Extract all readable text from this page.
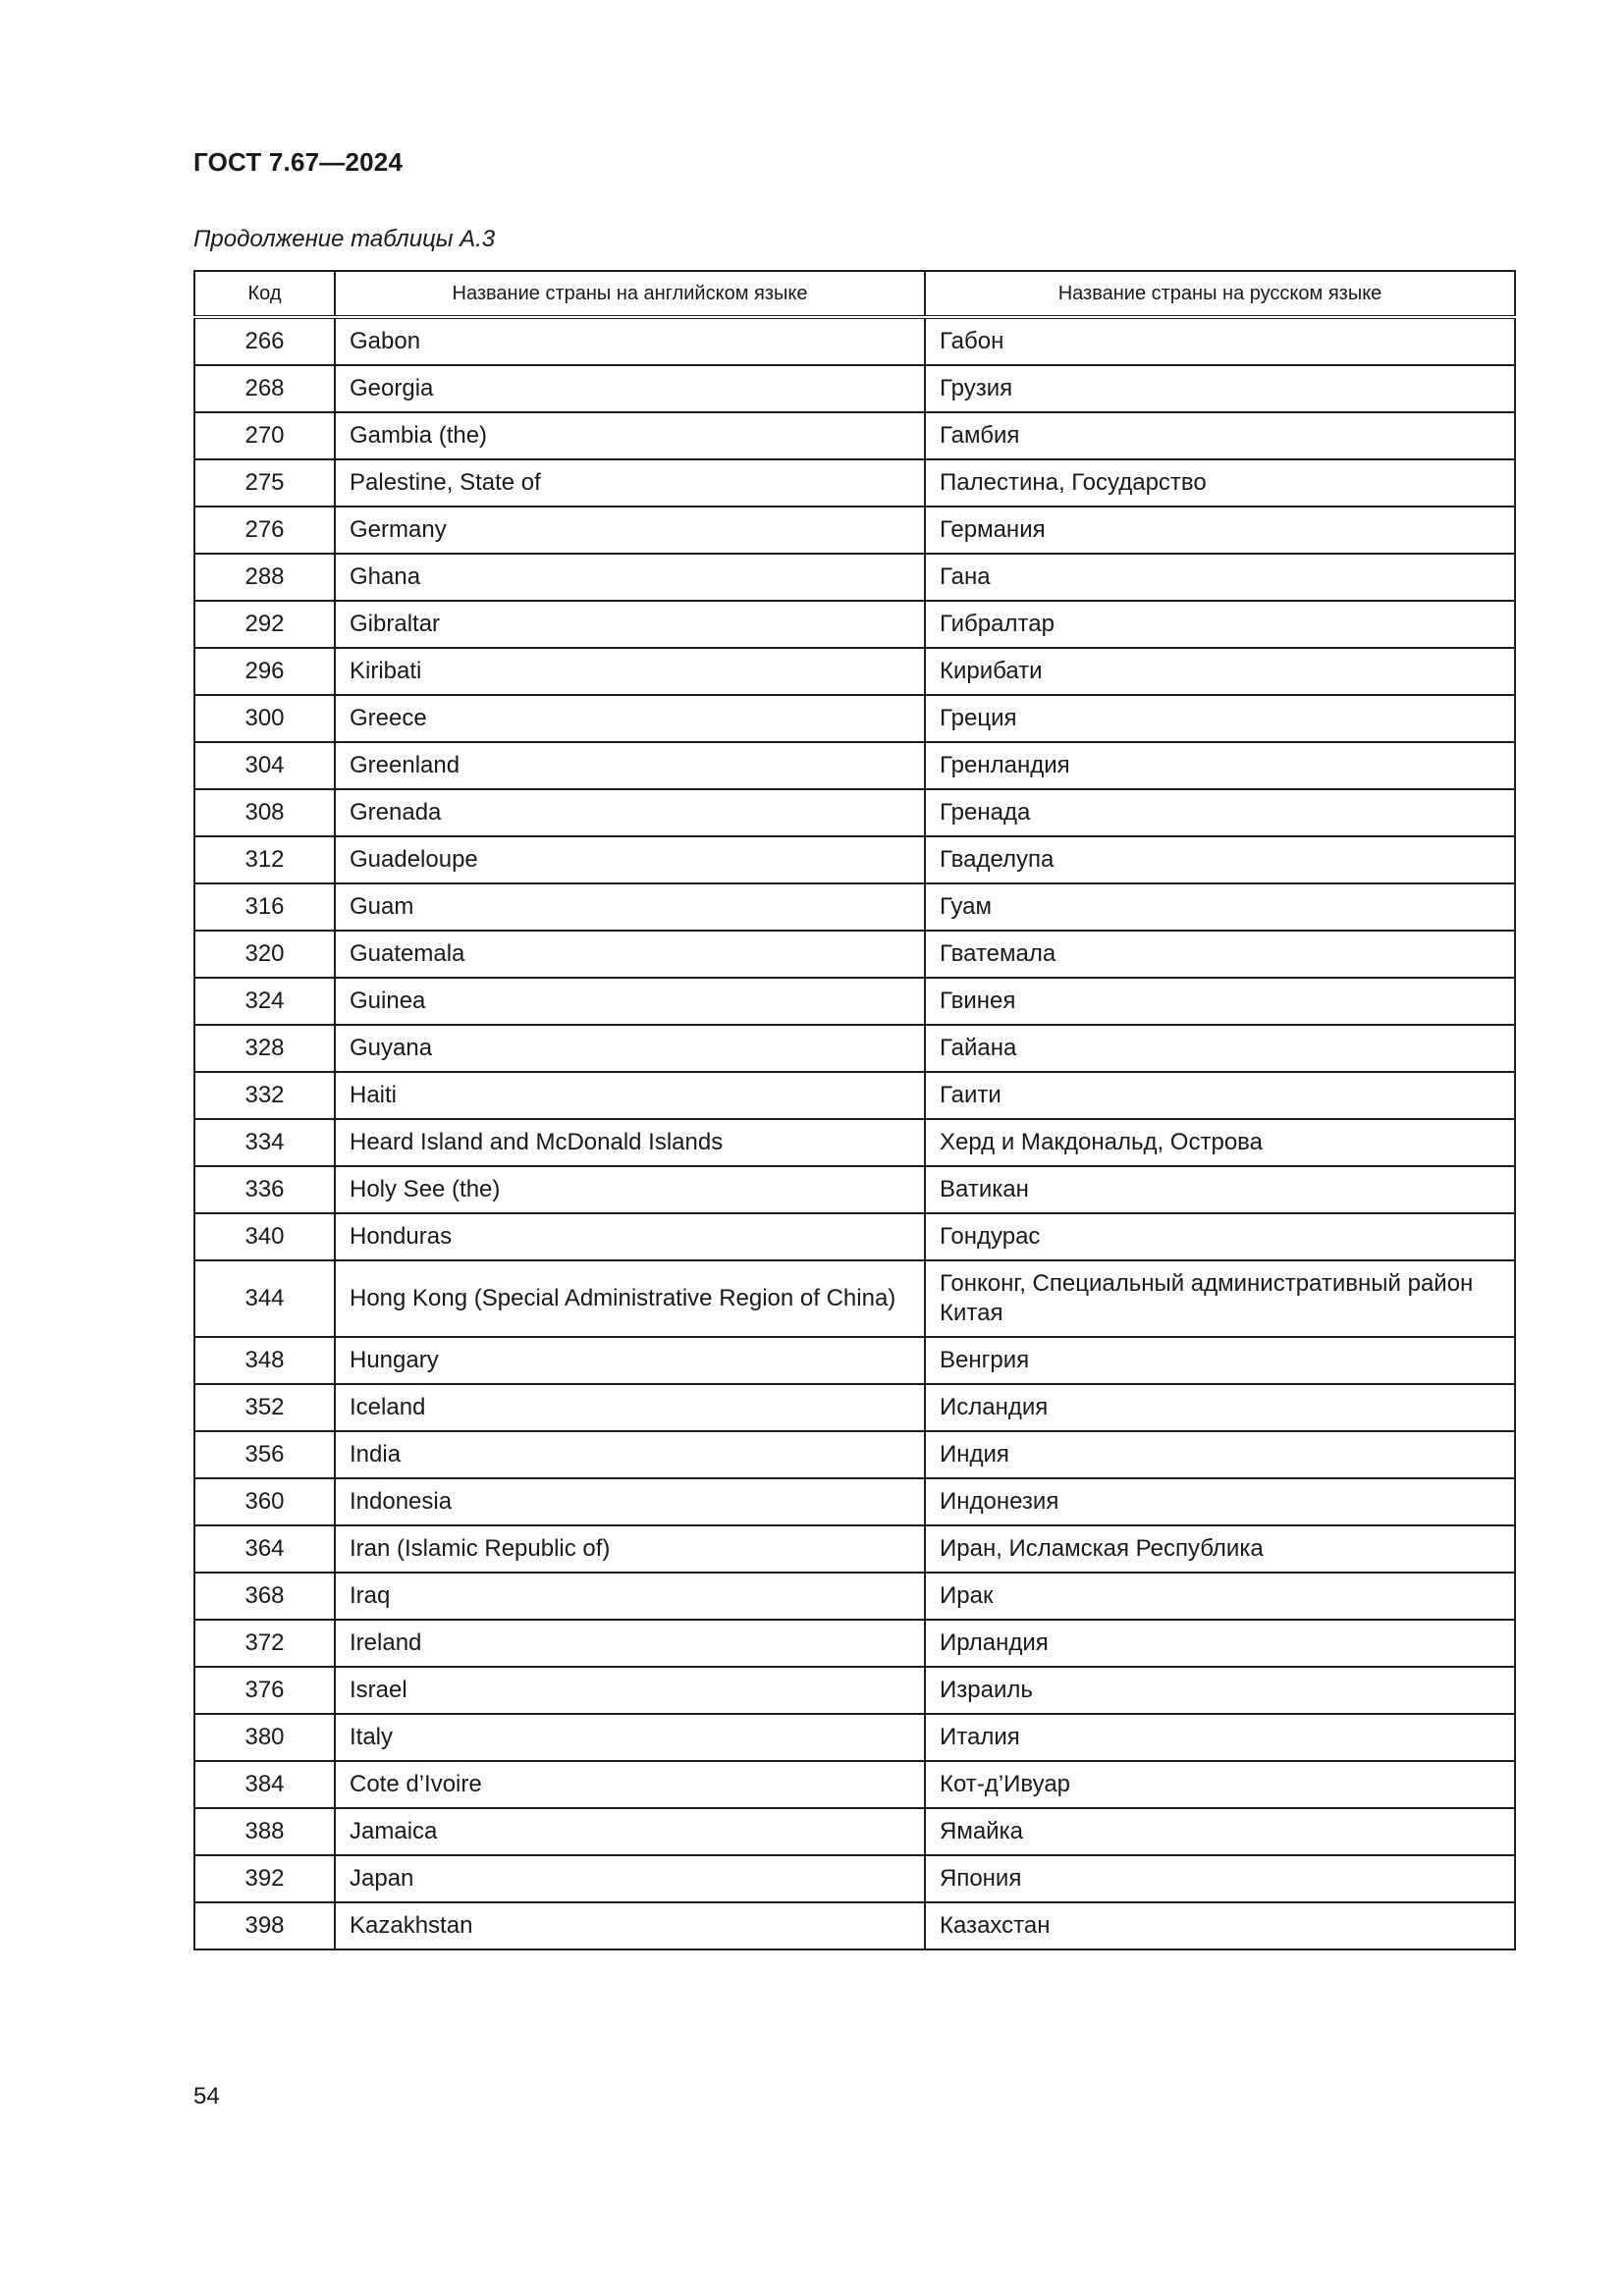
ГОСТ 7.67—2024
Продолжение таблицы А.3
Код	Название страны на английском языке	Название страны на русском языке
266	Gabon	Габон
268	Georgia	Грузия
270	Gambia (the)	Гамбия
275	Palestine, State of	Палестина, Государство
276	Germany	Германия
288	Ghana	Гана
292	Gibraltar	Гибралтар
296	Kiribati	Кирибати
300	Greece	Греция
304	Greenland	Гренландия
308	Grenada	Гренада
312	Guadeloupe	Гваделупа
316	Guam	Гуам
320	Guatemala	Гватемала
324	Guinea	Гвинея
328	Guyana	Гайана
332	Haiti	Гаити
334	Heard Island and McDonald Islands	Херд и Макдональд, Острова
336	Holy See (the)	Ватикан
340	Honduras	Гондурас
344	Hong Kong (Special Administrative Region of China)	Гонконг, Специальный административный район Китая
348	Hungary	Венгрия
352	Iceland	Исландия
356	India	Индия
360	Indonesia	Индонезия
364	Iran (Islamic Republic of)	Иран, Исламская Республика
368	Iraq	Ирак
372	Ireland	Ирландия
376	Israel	Израиль
380	Italy	Италия
384	Cote d’Ivoire	Кот-д’Ивуар
388	Jamaica	Ямайка
392	Japan	Япония
398	Kazakhstan	Казахстан
54
